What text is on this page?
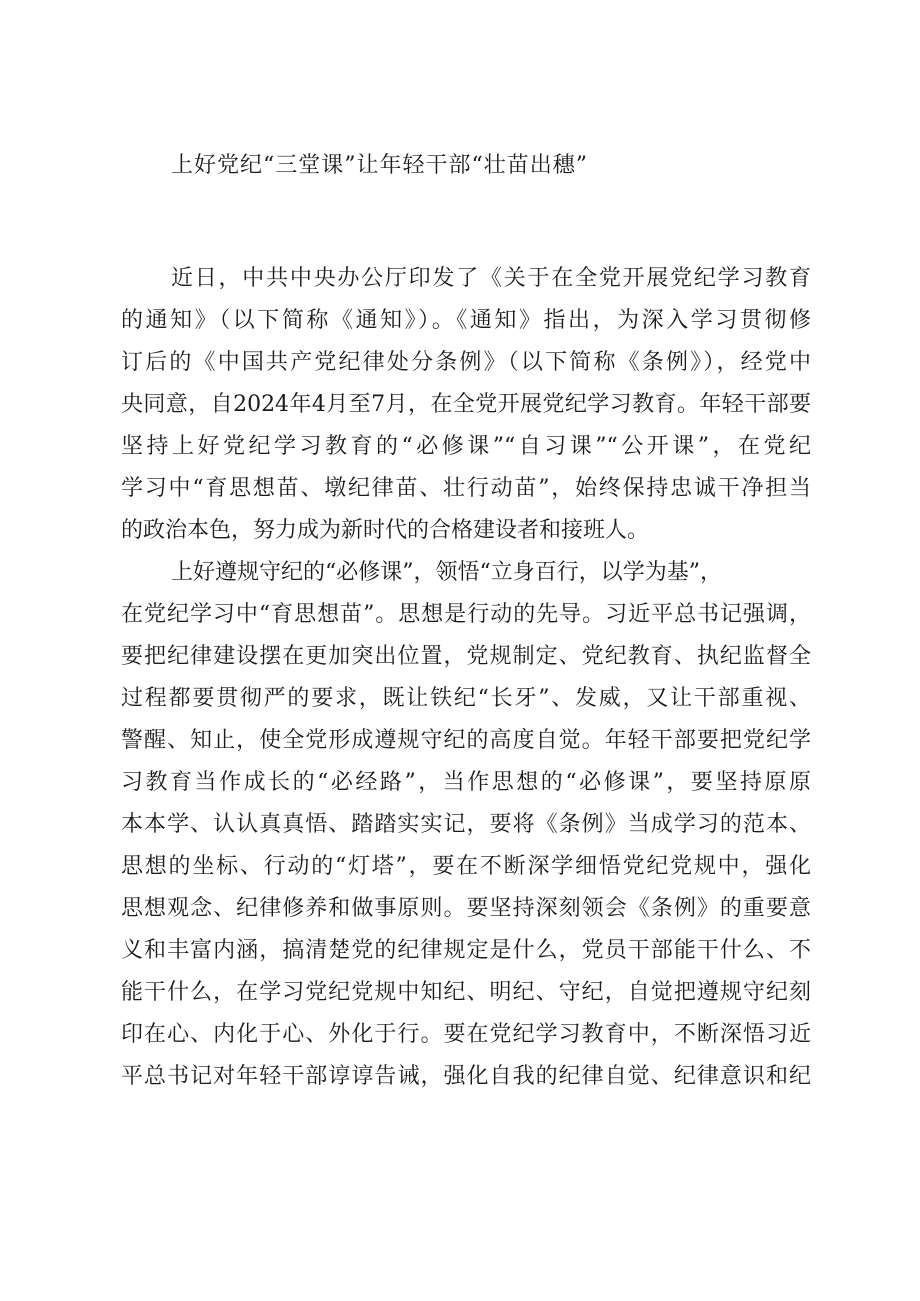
上好党纪“三堂课”让年轻干部“壮苗出穗”
近日，中共中央办公厅印发了《关于在全党开展党纪学习教育
的通知》（以下简称《通知》）。《通知》指出，为深入学习贯彻修
订后的《中国共产党纪律处分条例》（以下简称《条例》），经党中
央同意，自2024年4月至7月，在全党开展党纪学习教育。年轻干部要
坚持上好党纪学习教育的“必修课”“自习课”“公开课”，在党纪
学习中“育思想苗、墩纪律苗、壮行动苗”，始终保持忠诚干净担当
的政治本色，努力成为新时代的合格建设者和接班人。
上好遵规守纪的“必修课”，领悟“立身百行，以学为基”，
在党纪学习中“育思想苗”。思想是行动的先导。习近平总书记强调，
要把纪律建设摆在更加突出位置，党规制定、党纪教育、执纪监督全
过程都要贯彻严的要求，既让铁纪“长牙”、发威，又让干部重视、
警醒、知止，使全党形成遵规守纪的高度自觉。年轻干部要把党纪学
习教育当作成长的“必经路”，当作思想的“必修课”，要坚持原原
本本学、认认真真悟、踏踏实实记，要将《条例》当成学习的范本、
思想的坐标、行动的“灯塔”，要在不断深学细悟党纪党规中，强化
思想观念、纪律修养和做事原则。要坚持深刻领会《条例》的重要意
义和丰富内涵，搞清楚党的纪律规定是什么，党员干部能干什么、不
能干什么，在学习党纪党规中知纪、明纪、守纪，自觉把遵规守纪刻
印在心、内化于心、外化于行。要在党纪学习教育中，不断深悟习近
平总书记对年轻干部谆谆告诫，强化自我的纪律自觉、纪律意识和纪
